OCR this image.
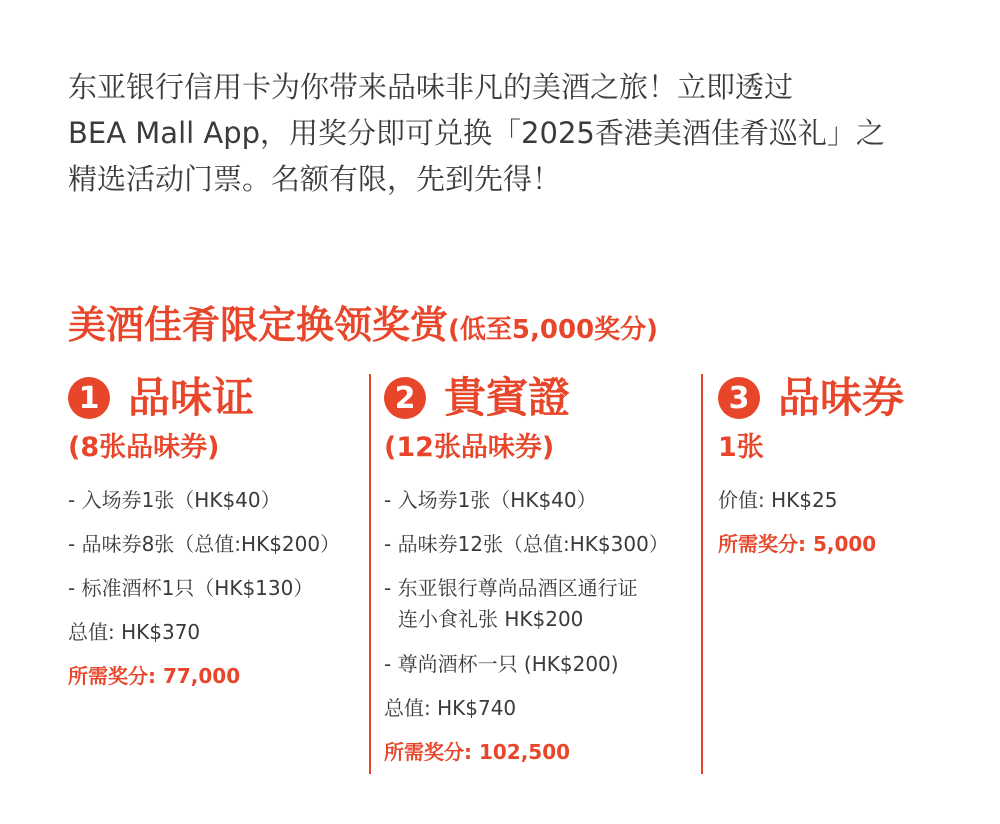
东亚银行信用卡为你带来品味非凡的美酒之旅！立即透过
BEA Mall App，用奖分即可兑换「2025香港美酒佳肴巡礼」之
精选活动门票。名额有限，先到先得！
美酒佳肴限定换领奖赏(低至5,000奖分)
1 品味证
(8张品味券)
- 入场券1张（HK$40）
- 品味券8张（总值:HK$200）
- 标准酒杯1只（HK$130）
总值: HK$370
所需奖分: 77,000
2 貴賓證
(12张品味券)
- 入场券1张（HK$40）
- 品味券12张（总值:HK$300）
- 东亚银行尊尚品酒区通行证
连小食礼张 HK$200
- 尊尚酒杯一只 (HK$200)
总值: HK$740
所需奖分: 102,500
3 品味券
1张
价值: HK$25
所需奖分: 5,000
